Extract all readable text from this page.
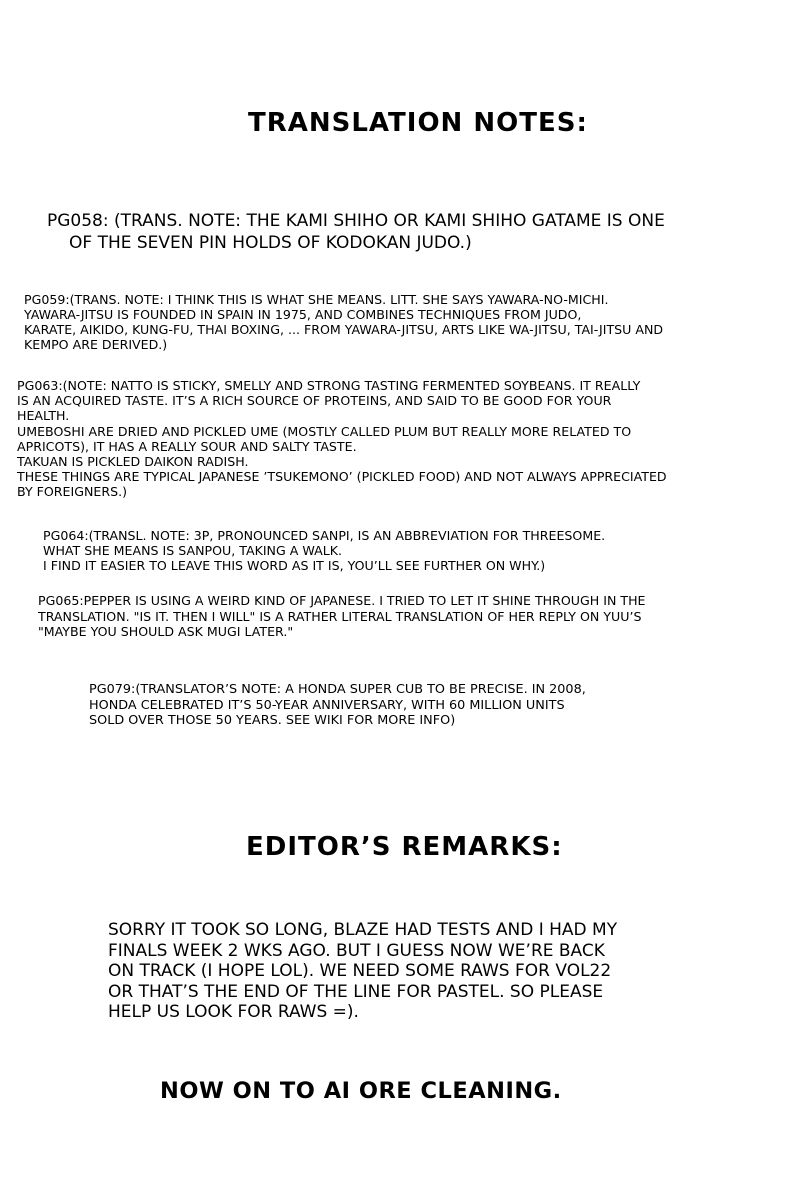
TRANSLATION NOTES:
PG058: (TRANS. NOTE: THE KAMI SHIHO OR KAMI SHIHO GATAME IS ONE
OF THE SEVEN PIN HOLDS OF KODOKAN JUDO.)
PG059:(TRANS. NOTE: I THINK THIS IS WHAT SHE MEANS. LITT. SHE SAYS YAWARA-NO-MICHI.
YAWARA-JITSU IS FOUNDED IN SPAIN IN 1975, AND COMBINES TECHNIQUES FROM JUDO,
KARATE, AIKIDO, KUNG-FU, THAI BOXING, ... FROM YAWARA-JITSU, ARTS LIKE WA-JITSU, TAI-JITSU AND
KEMPO ARE DERIVED.)
PG063:(NOTE: NATTO IS STICKY, SMELLY AND STRONG TASTING FERMENTED SOYBEANS. IT REALLY
IS AN ACQUIRED TASTE. IT’S A RICH SOURCE OF PROTEINS, AND SAID TO BE GOOD FOR YOUR
HEALTH.
UMEBOSHI ARE DRIED AND PICKLED UME (MOSTLY CALLED PLUM BUT REALLY MORE RELATED TO
APRICOTS), IT HAS A REALLY SOUR AND SALTY TASTE.
TAKUAN IS PICKLED DAIKON RADISH.
THESE THINGS ARE TYPICAL JAPANESE ’TSUKEMONO’ (PICKLED FOOD) AND NOT ALWAYS APPRECIATED
BY FOREIGNERS.)
PG064:(TRANSL. NOTE: 3P, PRONOUNCED SANPI, IS AN ABBREVIATION FOR THREESOME.
WHAT SHE MEANS IS SANPOU, TAKING A WALK.
I FIND IT EASIER TO LEAVE THIS WORD AS IT IS, YOU’LL SEE FURTHER ON WHY.)
PG065:PEPPER IS USING A WEIRD KIND OF JAPANESE. I TRIED TO LET IT SHINE THROUGH IN THE
TRANSLATION. "IS IT. THEN I WILL" IS A RATHER LITERAL TRANSLATION OF HER REPLY ON YUU’S
"MAYBE YOU SHOULD ASK MUGI LATER."
PG079:(TRANSLATOR’S NOTE: A HONDA SUPER CUB TO BE PRECISE. IN 2008,
HONDA CELEBRATED IT’S 50-YEAR ANNIVERSARY, WITH 60 MILLION UNITS
SOLD OVER THOSE 50 YEARS. SEE WIKI FOR MORE INFO)
EDITOR’S REMARKS:
SORRY IT TOOK SO LONG, BLAZE HAD TESTS AND I HAD MY
FINALS WEEK 2 WKS AGO. BUT I GUESS NOW WE’RE BACK
ON TRACK (I HOPE LOL). WE NEED SOME RAWS FOR VOL22
OR THAT’S THE END OF THE LINE FOR PASTEL. SO PLEASE
HELP US LOOK FOR RAWS =).
NOW ON TO AI ORE CLEANING.
